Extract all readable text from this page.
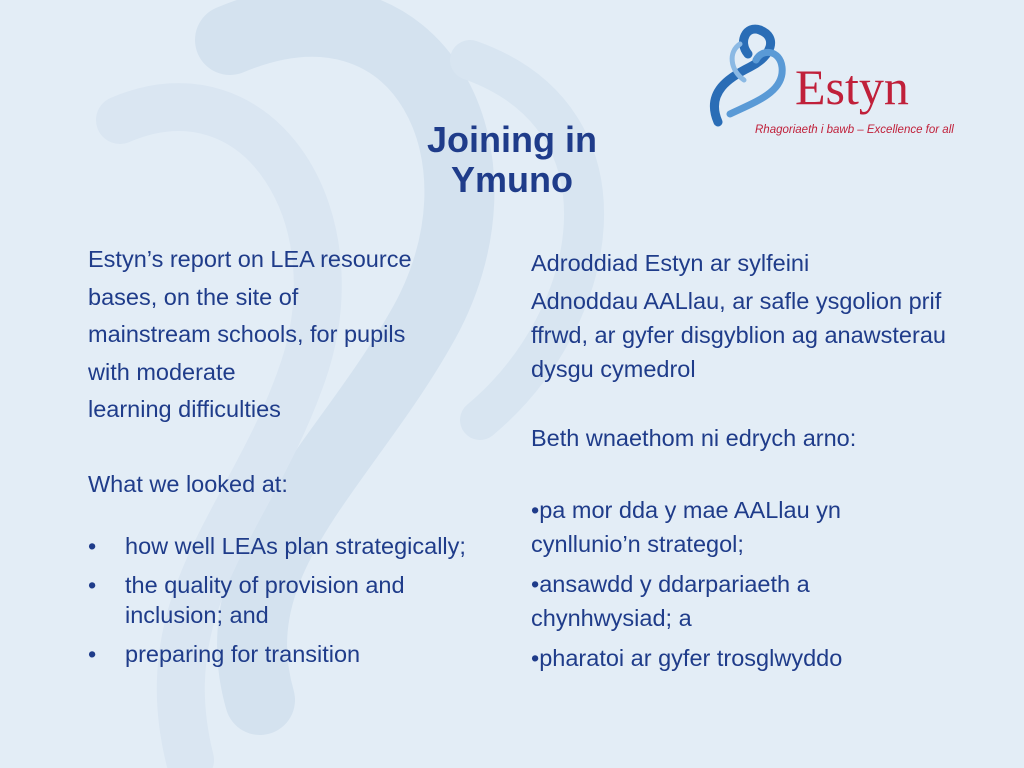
Estyn
Rhagoriaeth i bawb – Excellence for all
Joining in
Ymuno
Estyn’s report on LEA resource
bases, on the site of
mainstream schools, for pupils
with moderate
learning difficulties
What we looked at:
• how well LEAs plan strategically;
• the quality of provision and inclusion; and
• preparing for transition

Adroddiad Estyn ar sylfeini

Adnoddau AALlau, ar safle ysgolion prif ffrwd, ar gyfer disgyblion ag anawsterau dysgu cymedrol

Beth wnaethom ni edrych arno:

•pa mor dda y mae AALlau yn cynllunio’n strategol;

•ansawdd y ddarpariaeth a chynhwysiad; a

•pharatoi ar gyfer trosglwyddo
